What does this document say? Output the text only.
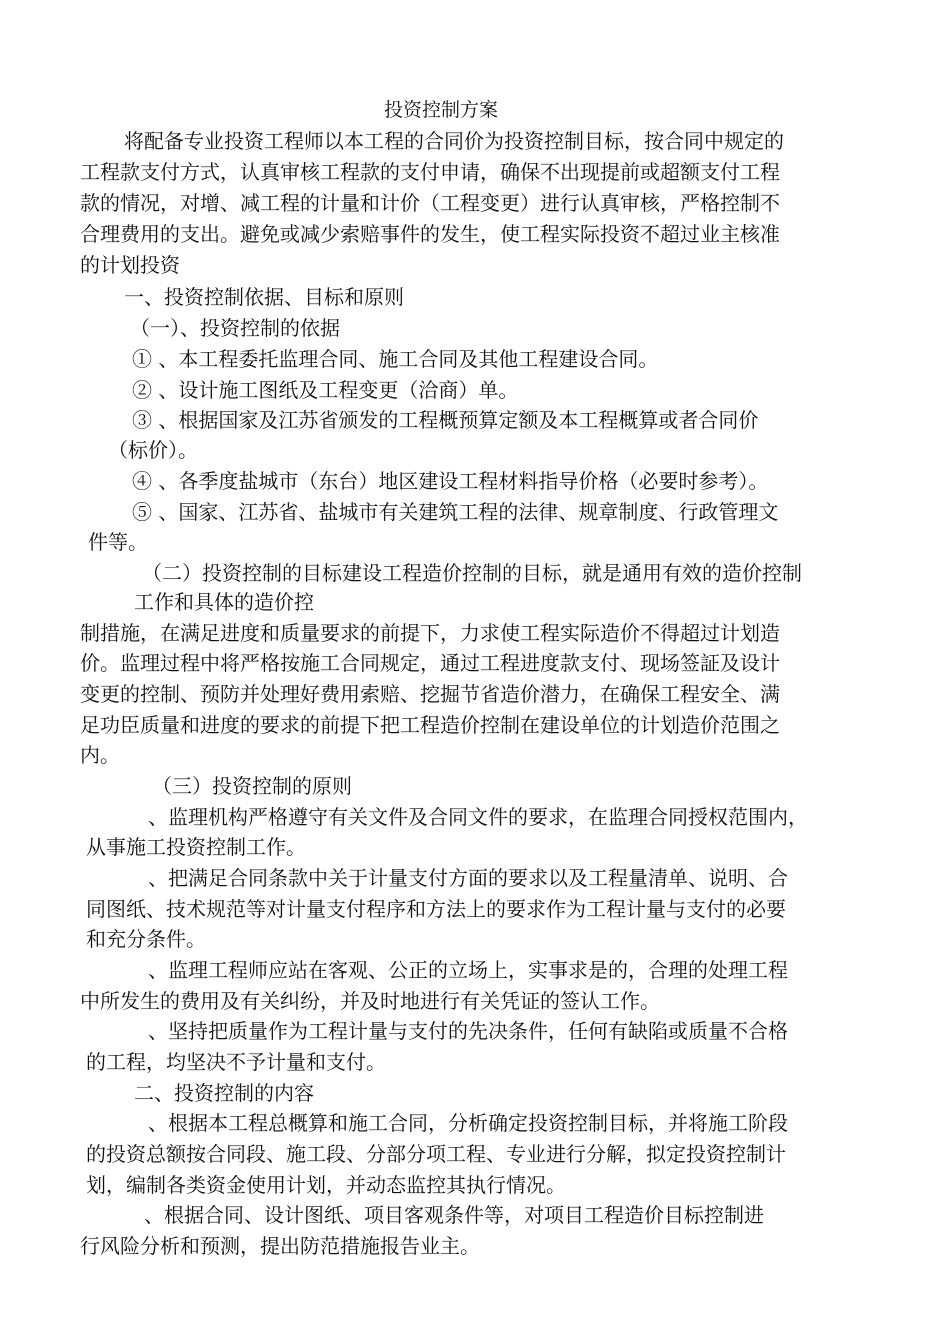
投资控制方案
将配备专业投资工程师以本工程的合同价为投资控制目标，按合同中规定的
工程款支付方式，认真审核工程款的支付申请，确保不出现提前或超额支付工程
款的情况，对增、减工程的计量和计价（工程变更）进行认真审核，严格控制不
合理费用的支出。避免或减少索赔事件的发生，使工程实际投资不超过业主核准
的计划投资
一、投资控制依据、目标和原则
（一）、投资控制的依据
① 、本工程委托监理合同、施工合同及其他工程建设合同。
② 、设计施工图纸及工程变更（洽商）单。
③ 、根据国家及江苏省颁发的工程概预算定额及本工程概算或者合同价
（标价）。
④ 、各季度盐城市（东台）地区建设工程材料指导价格（必要时参考）。
⑤ 、国家、江苏省、盐城市有关建筑工程的法律、规章制度、行政管理文
件等。
（二）投资控制的目标建设工程造价控制的目标，就是通用有效的造价控制
工作和具体的造价控
制措施，在满足进度和质量要求的前提下，力求使工程实际造价不得超过计划造
价。监理过程中将严格按施工合同规定，通过工程进度款支付、现场签証及设计
变更的控制、预防并处理好费用索赔、挖掘节省造价潜力，在确保工程安全、满
足功臣质量和进度的要求的前提下把工程造价控制在建设单位的计划造价范围之
内。
（三）投资控制的原则
、监理机构严格遵守有关文件及合同文件的要求，在监理合同授权范围内，
从事施工投资控制工作。
、把满足合同条款中关于计量支付方面的要求以及工程量清单、说明、合
同图纸、技术规范等对计量支付程序和方法上的要求作为工程计量与支付的必要
和充分条件。
、监理工程师应站在客观、公正的立场上，实事求是的，合理的处理工程
中所发生的费用及有关纠纷，并及时地进行有关凭证的签认工作。
、坚持把质量作为工程计量与支付的先决条件，任何有缺陷或质量不合格
的工程，均坚决不予计量和支付。
二、投资控制的内容
、根据本工程总概算和施工合同，分析确定投资控制目标，并将施工阶段
的投资总额按合同段、施工段、分部分项工程、专业进行分解，拟定投资控制计
划，编制各类资金使用计划，并动态监控其执行情况。
、根据合同、设计图纸、项目客观条件等，对项目工程造价目标控制进
行风险分析和预测，提出防范措施报告业主。
